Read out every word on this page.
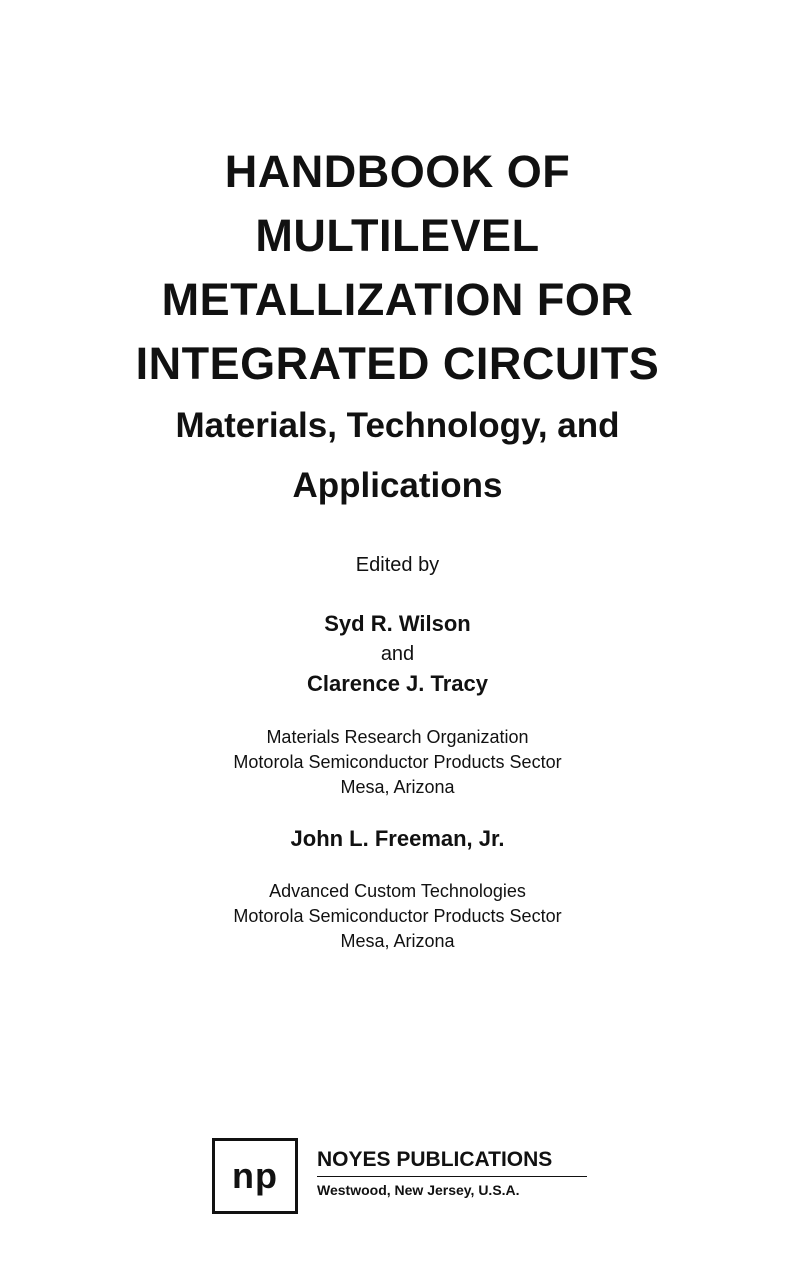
HANDBOOK OF
MULTILEVEL
METALLIZATION FOR
INTEGRATED CIRCUITS
Materials, Technology, and
Applications
Edited by
Syd R. Wilson
and
Clarence J. Tracy
Materials Research Organization
Motorola Semiconductor Products Sector
Mesa, Arizona
John L. Freeman, Jr.
Advanced Custom Technologies
Motorola Semiconductor Products Sector
Mesa, Arizona
np NOYES PUBLICATIONS
Westwood, New Jersey, U.S.A.
